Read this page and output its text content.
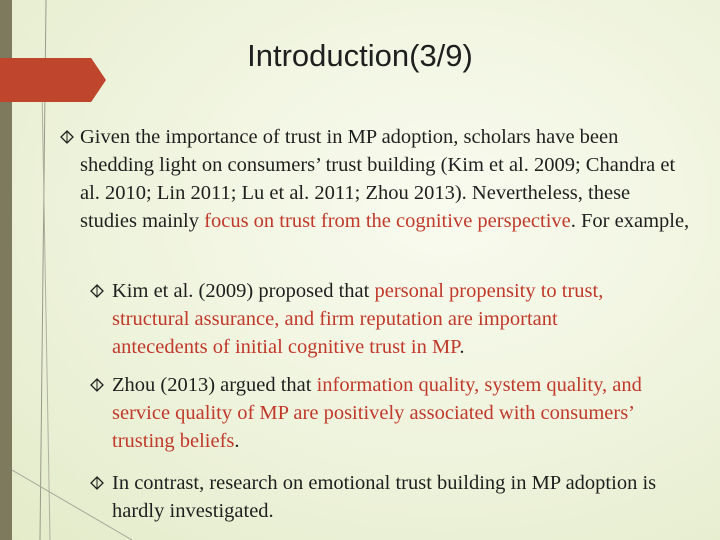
Introduction(3/9)
Given the importance of trust in MP adoption, scholars have been shedding light on consumers’ trust building (Kim et al. 2009; Chandra et al. 2010; Lin 2011; Lu et al. 2011; Zhou 2013). Nevertheless, these studies mainly focus on trust from the cognitive perspective. For example,
Kim et al. (2009) proposed that personal propensity to trust, structural assurance, and firm reputation are important antecedents of initial cognitive trust in MP.
Zhou (2013) argued that information quality, system quality, and service quality of MP are positively associated with consumers’ trusting beliefs.
In contrast, research on emotional trust building in MP adoption is hardly investigated.
